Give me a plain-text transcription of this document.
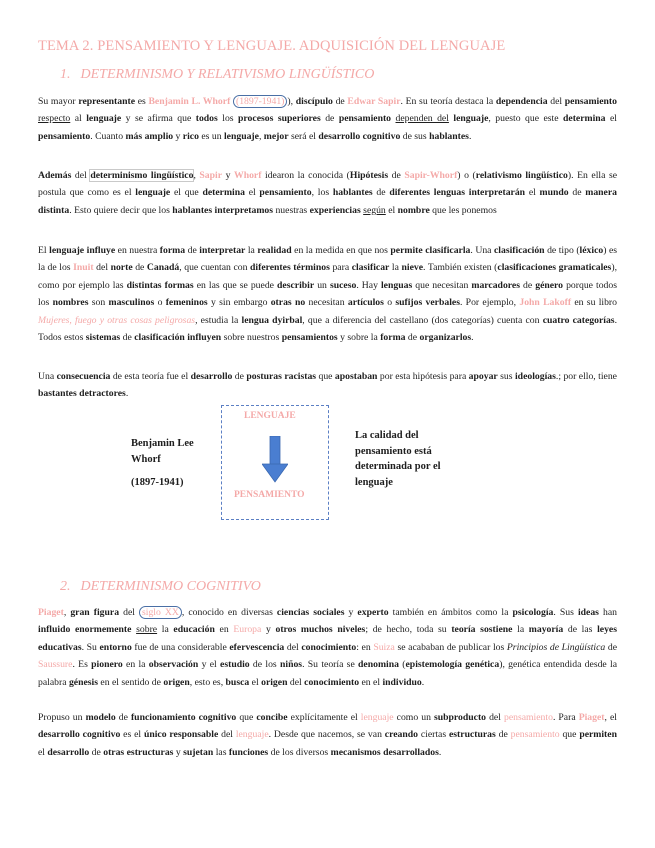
TEMA 2. PENSAMIENTO Y LENGUAJE. ADQUISICIÓN DEL LENGUAJE
1. DETERMINISMO Y RELATIVISMO LINGÜÍSTICO

Su mayor representante es Benjamin L. Whorf (1897-1941) ), discípulo de Edwar Sapir. En su teoría destaca la dependencia del pensamiento respecto al lenguaje y se afirma que todos los procesos superiores de pensamiento dependen del lenguaje, puesto que este determina el pensamiento. Cuanto más amplio y rico es un lenguaje, mejor será el desarrollo cognitivo de sus hablantes.

Además del determinismo lingüístico, Sapir y Whorf idearon la conocida (Hipótesis de Sapir-Whorf) o (relativismo lingüístico). En ella se postula que como es el lenguaje el que determina el pensamiento, los hablantes de diferentes lenguas interpretarán el mundo de manera distinta. Esto quiere decir que los hablantes interpretamos nuestras experiencias según el nombre que les ponemos

El lenguaje influye en nuestra forma de interpretar la realidad en la medida en que nos permite clasificarla. Una clasificación de tipo (léxico) es la de los Inuit del norte de Canadá, que cuentan con diferentes términos para clasificar la nieve. También existen (clasificaciones gramaticales), como por ejemplo las distintas formas en las que se puede describir un suceso. Hay lenguas que necesitan marcadores de género porque todos los nombres son masculinos o femeninos y sin embargo otras no necesitan artículos o sufijos verbales. Por ejemplo, John Lakoff en su libro Mujeres, fuego y otras cosas peligrosas, estudia la lengua dyirbal, que a diferencia del castellano (dos categorías) cuenta con cuatro categorías. Todos estos sistemas de clasificación influyen sobre nuestros pensamientos y sobre la forma de organizarlos.

Una consecuencia de esta teoría fue el desarrollo de posturas racistas que apostaban por esta hipótesis para apoyar sus ideologías.; por ello, tiene bastantes detractores.

Benjamin Lee Whorf
(1897-1941)
LENGUAJE
PENSAMIENTO
La calidad del pensamiento está determinada por el lenguaje
2. DETERMINISMO COGNITIVO

Piaget, gran figura del siglo XX , conocido en diversas ciencias sociales y experto también en ámbitos como la psicología. Sus ideas han influido enormemente sobre la educación en Europa y otros muchos niveles; de hecho, toda su teoría sostiene la mayoría de las leyes educativas. Su entorno fue de una considerable efervescencia del conocimiento: en Suiza se acababan de publicar los Principios de Lingüística de Saussure. Es pionero en la observación y el estudio de los niños. Su teoría se denomina (epistemología genética), genética entendida desde la palabra génesis en el sentido de origen, esto es, busca el origen del conocimiento en el individuo.

Propuso un modelo de funcionamiento cognitivo que concibe explícitamente el lenguaje como un subproducto del pensamiento. Para Piaget, el desarrollo cognitivo es el único responsable del lenguaje. Desde que nacemos, se van creando ciertas estructuras de pensamiento que permiten el desarrollo de otras estructuras y sujetan las funciones de los diversos mecanismos desarrollados.
